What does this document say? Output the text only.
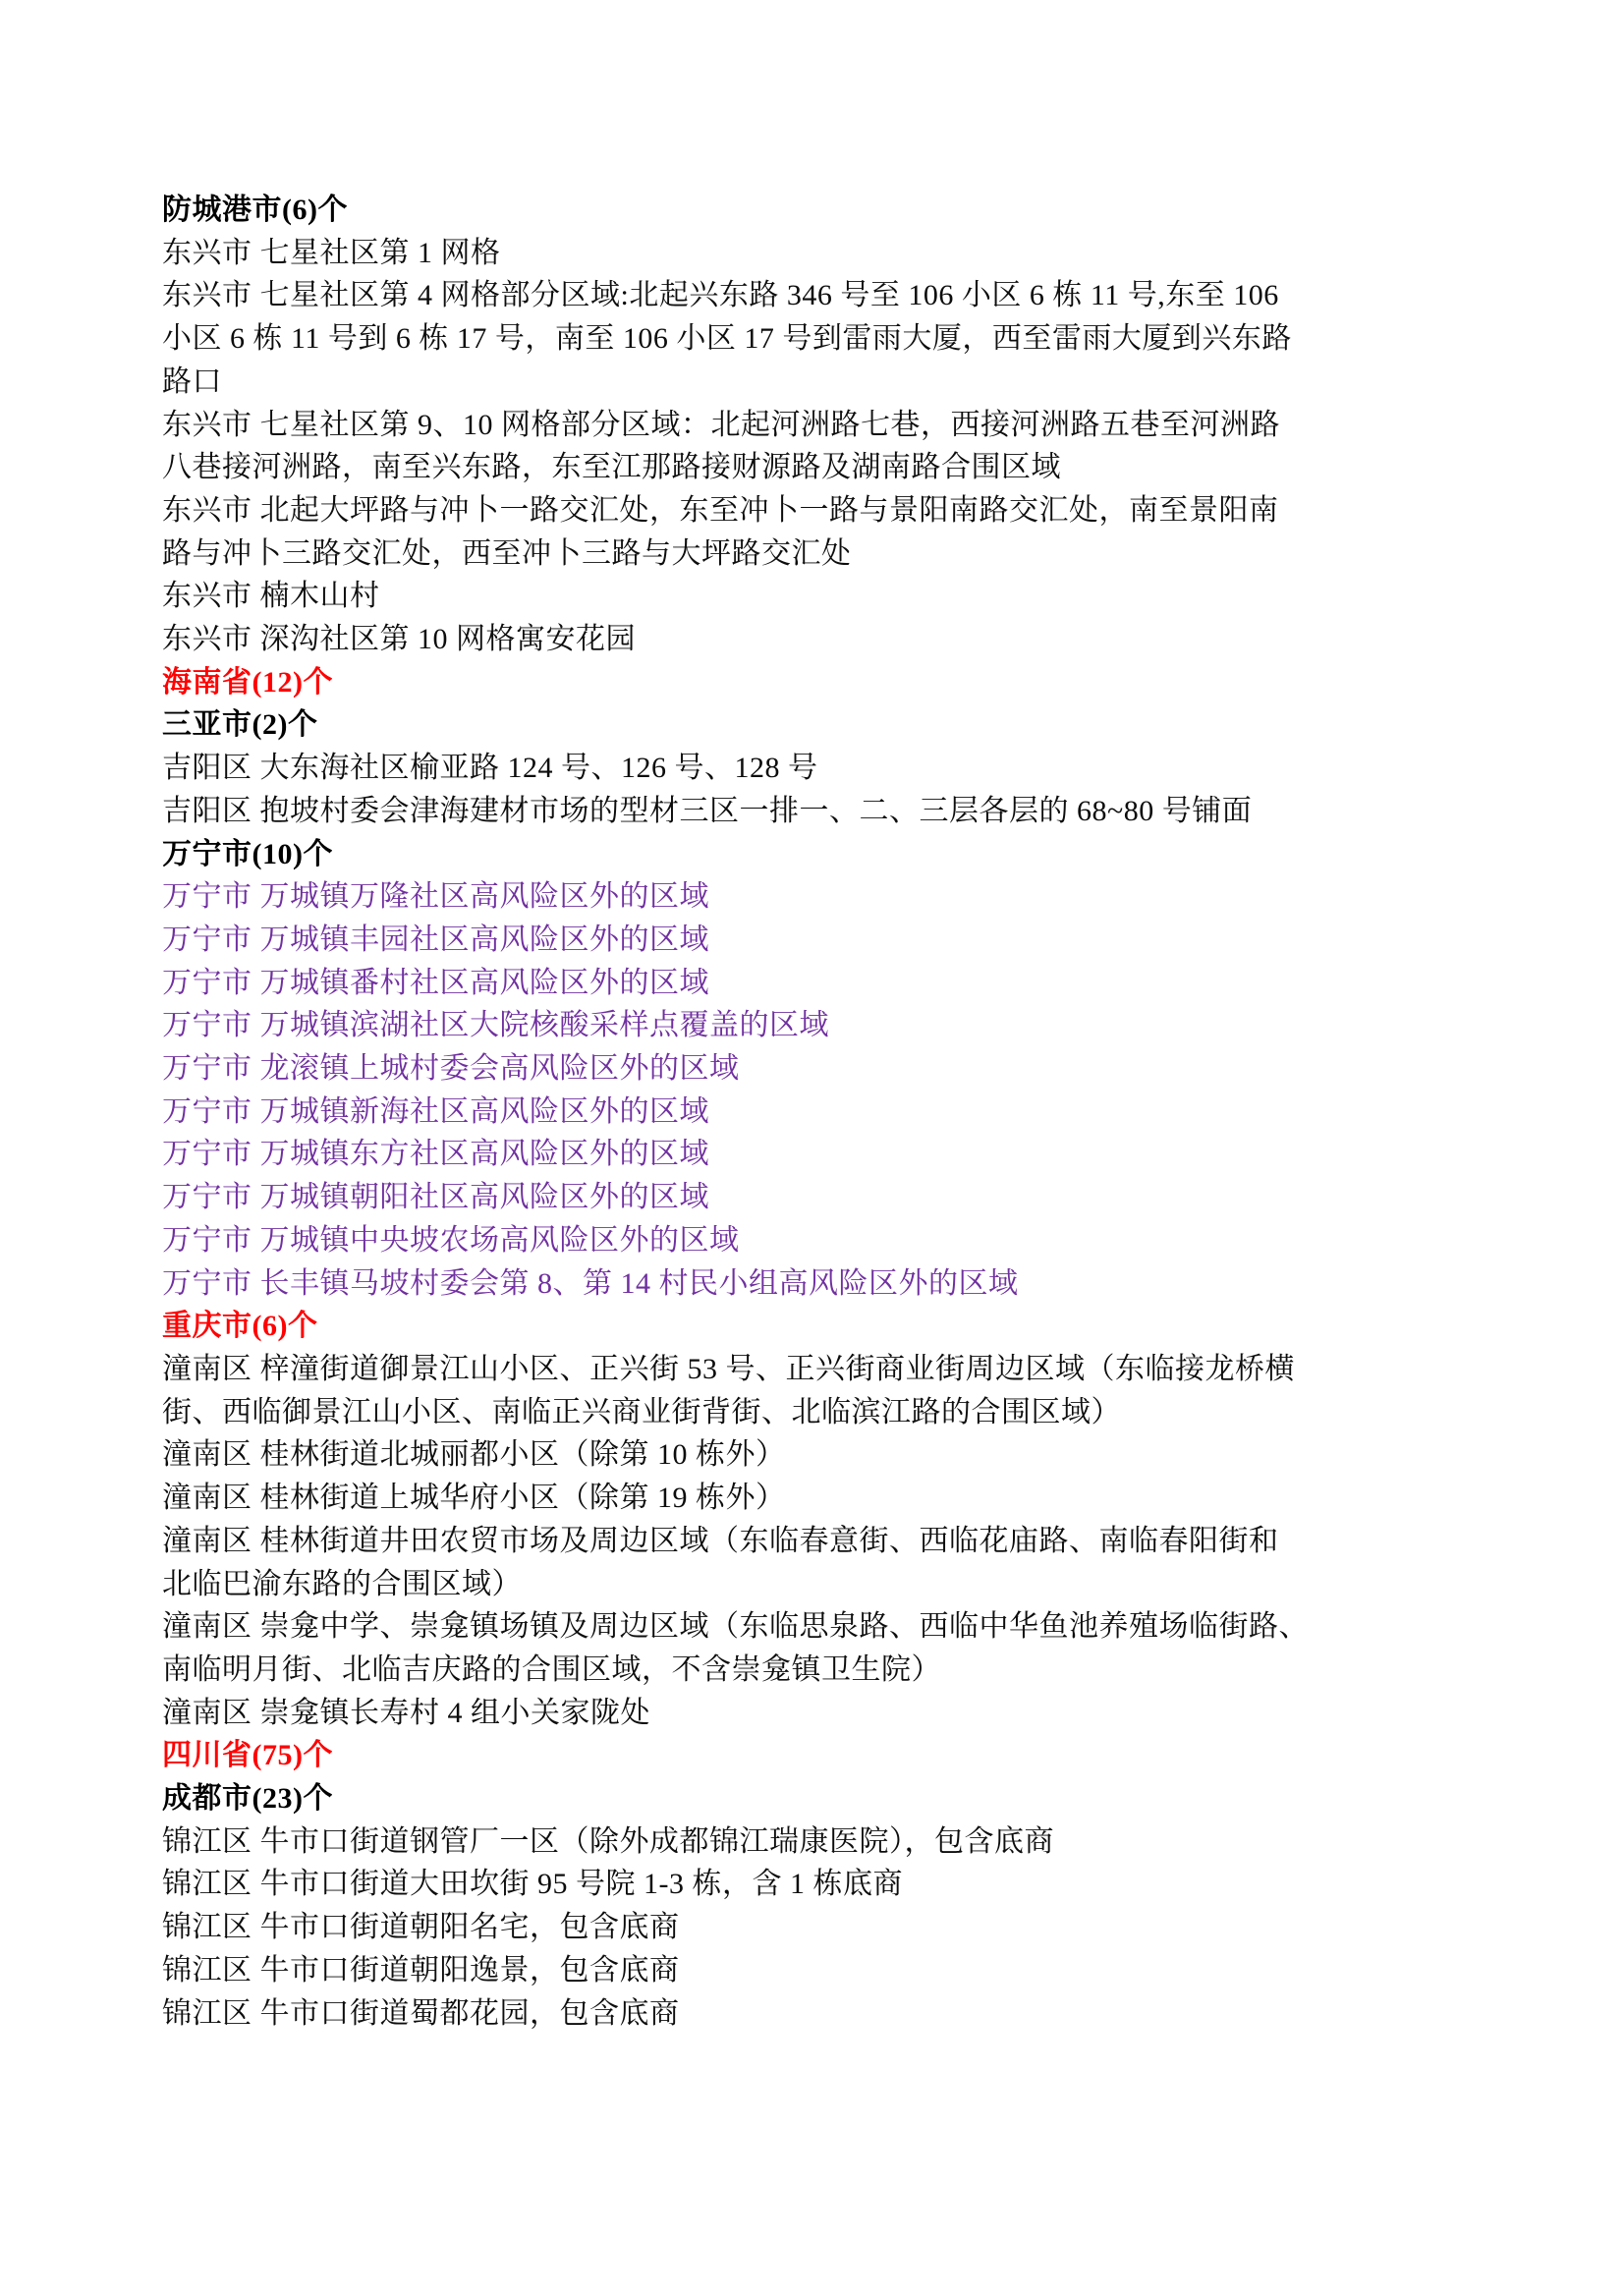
防城港市(6)个
东兴市 七星社区第 1 网格
东兴市 七星社区第 4 网格部分区域:北起兴东路 346 号至 106 小区 6 栋 11 号,东至 106
小区 6 栋 11 号到 6 栋 17 号，南至 106 小区 17 号到雷雨大厦，西至雷雨大厦到兴东路
路口
东兴市 七星社区第 9、10 网格部分区域：北起河洲路七巷，西接河洲路五巷至河洲路
八巷接河洲路，南至兴东路，东至江那路接财源路及湖南路合围区域
东兴市 北起大坪路与冲卜一路交汇处，东至冲卜一路与景阳南路交汇处，南至景阳南
路与冲卜三路交汇处，西至冲卜三路与大坪路交汇处
东兴市 楠木山村
东兴市 深沟社区第 10 网格寓安花园
海南省(12)个
三亚市(2)个
吉阳区 大东海社区榆亚路 124 号、126 号、128 号
吉阳区 抱坡村委会津海建材市场的型材三区一排一、二、三层各层的 68~80 号铺面
万宁市(10)个
万宁市 万城镇万隆社区高风险区外的区域
万宁市 万城镇丰园社区高风险区外的区域
万宁市 万城镇番村社区高风险区外的区域
万宁市 万城镇滨湖社区大院核酸采样点覆盖的区域
万宁市 龙滚镇上城村委会高风险区外的区域
万宁市 万城镇新海社区高风险区外的区域
万宁市 万城镇东方社区高风险区外的区域
万宁市 万城镇朝阳社区高风险区外的区域
万宁市 万城镇中央坡农场高风险区外的区域
万宁市 长丰镇马坡村委会第 8、第 14 村民小组高风险区外的区域
重庆市(6)个
潼南区 梓潼街道御景江山小区、正兴街 53 号、正兴街商业街周边区域（东临接龙桥横
街、西临御景江山小区、南临正兴商业街背街、北临滨江路的合围区域）
潼南区 桂林街道北城丽都小区（除第 10 栋外）
潼南区 桂林街道上城华府小区（除第 19 栋外）
潼南区 桂林街道井田农贸市场及周边区域（东临春意街、西临花庙路、南临春阳街和
北临巴渝东路的合围区域）
潼南区 崇龛中学、崇龛镇场镇及周边区域（东临思泉路、西临中华鱼池养殖场临街路、
南临明月街、北临吉庆路的合围区域，不含崇龛镇卫生院）
潼南区 崇龛镇长寿村 4 组小关家陇处
四川省(75)个
成都市(23)个
锦江区 牛市口街道钢管厂一区（除外成都锦江瑞康医院），包含底商
锦江区 牛市口街道大田坎街 95 号院 1-3 栋，含 1 栋底商
锦江区 牛市口街道朝阳名宅，包含底商
锦江区 牛市口街道朝阳逸景，包含底商
锦江区 牛市口街道蜀都花园，包含底商
